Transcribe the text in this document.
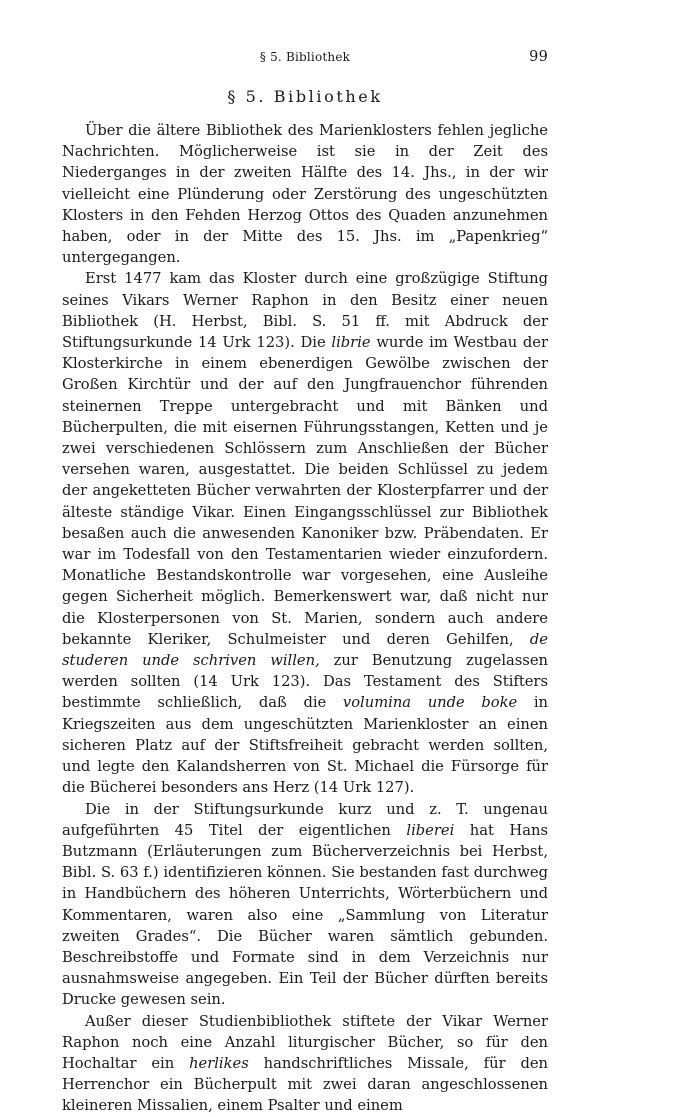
§ 5. Bibliothek	99
§ 5. Bibliothek

Über die ältere Bibliothek des Marienklosters fehlen jegliche Nachrichten. Möglicherweise ist sie in der Zeit des Niederganges in der zweiten Hälfte des 14. Jhs., in der wir vielleicht eine Plünderung oder Zerstörung des ungeschützten Klosters in den Fehden Herzog Ottos des Quaden anzunehmen haben, oder in der Mitte des 15. Jhs. im „Papenkrieg“ untergegangen.

Erst 1477 kam das Kloster durch eine großzügige Stiftung seines Vikars Werner Raphon in den Besitz einer neuen Bibliothek (H. Herbst, Bibl. S. 51 ff. mit Abdruck der Stiftungsurkunde 14 Urk 123). Die librie wurde im Westbau der Klosterkirche in einem ebenerdigen Gewölbe zwischen der Großen Kirchtür und der auf den Jungfrauenchor führenden steinernen Treppe untergebracht und mit Bänken und Bücherpulten, die mit eisernen Führungsstangen, Ketten und je zwei verschiedenen Schlössern zum Anschließen der Bücher versehen waren, ausgestattet. Die beiden Schlüssel zu jedem der angeketteten Bücher verwahrten der Klosterpfarrer und der älteste ständige Vikar. Einen Eingangsschlüssel zur Bibliothek besaßen auch die anwesenden Kanoniker bzw. Präbendaten. Er war im Todesfall von den Testamentarien wieder einzufordern. Monatliche Bestandskontrolle war vorgesehen, eine Ausleihe gegen Sicherheit möglich. Bemerkenswert war, daß nicht nur die Klosterpersonen von St. Marien, sondern auch andere bekannte Kleriker, Schulmeister und deren Gehilfen, de studeren unde schriven willen, zur Benutzung zugelassen werden sollten (14 Urk 123). Das Testament des Stifters bestimmte schließlich, daß die volumina unde boke in Kriegszeiten aus dem ungeschützten Marienkloster an einen sicheren Platz auf der Stiftsfreiheit gebracht werden sollten, und legte den Kalandsherren von St. Michael die Fürsorge für die Bücherei besonders ans Herz (14 Urk 127).

Die in der Stiftungsurkunde kurz und z. T. ungenau aufgeführten 45 Titel der eigentlichen liberei hat Hans Butzmann (Erläuterungen zum Bücherverzeichnis bei Herbst, Bibl. S. 63 f.) identifizieren können. Sie bestanden fast durchweg in Handbüchern des höheren Unterrichts, Wörterbüchern und Kommentaren, waren also eine „Sammlung von Literatur zweiten Grades“. Die Bücher waren sämtlich gebunden. Beschreibstoffe und Formate sind in dem Verzeichnis nur ausnahmsweise angegeben. Ein Teil der Bücher dürften bereits Drucke gewesen sein.

Außer dieser Studienbibliothek stiftete der Vikar Werner Raphon noch eine Anzahl liturgischer Bücher, so für den Hochaltar ein herlikes handschriftliches Missale, für den Herrenchor ein Bücherpult mit zwei daran angeschlossenen kleineren Missalien, einem Psalter und einem
